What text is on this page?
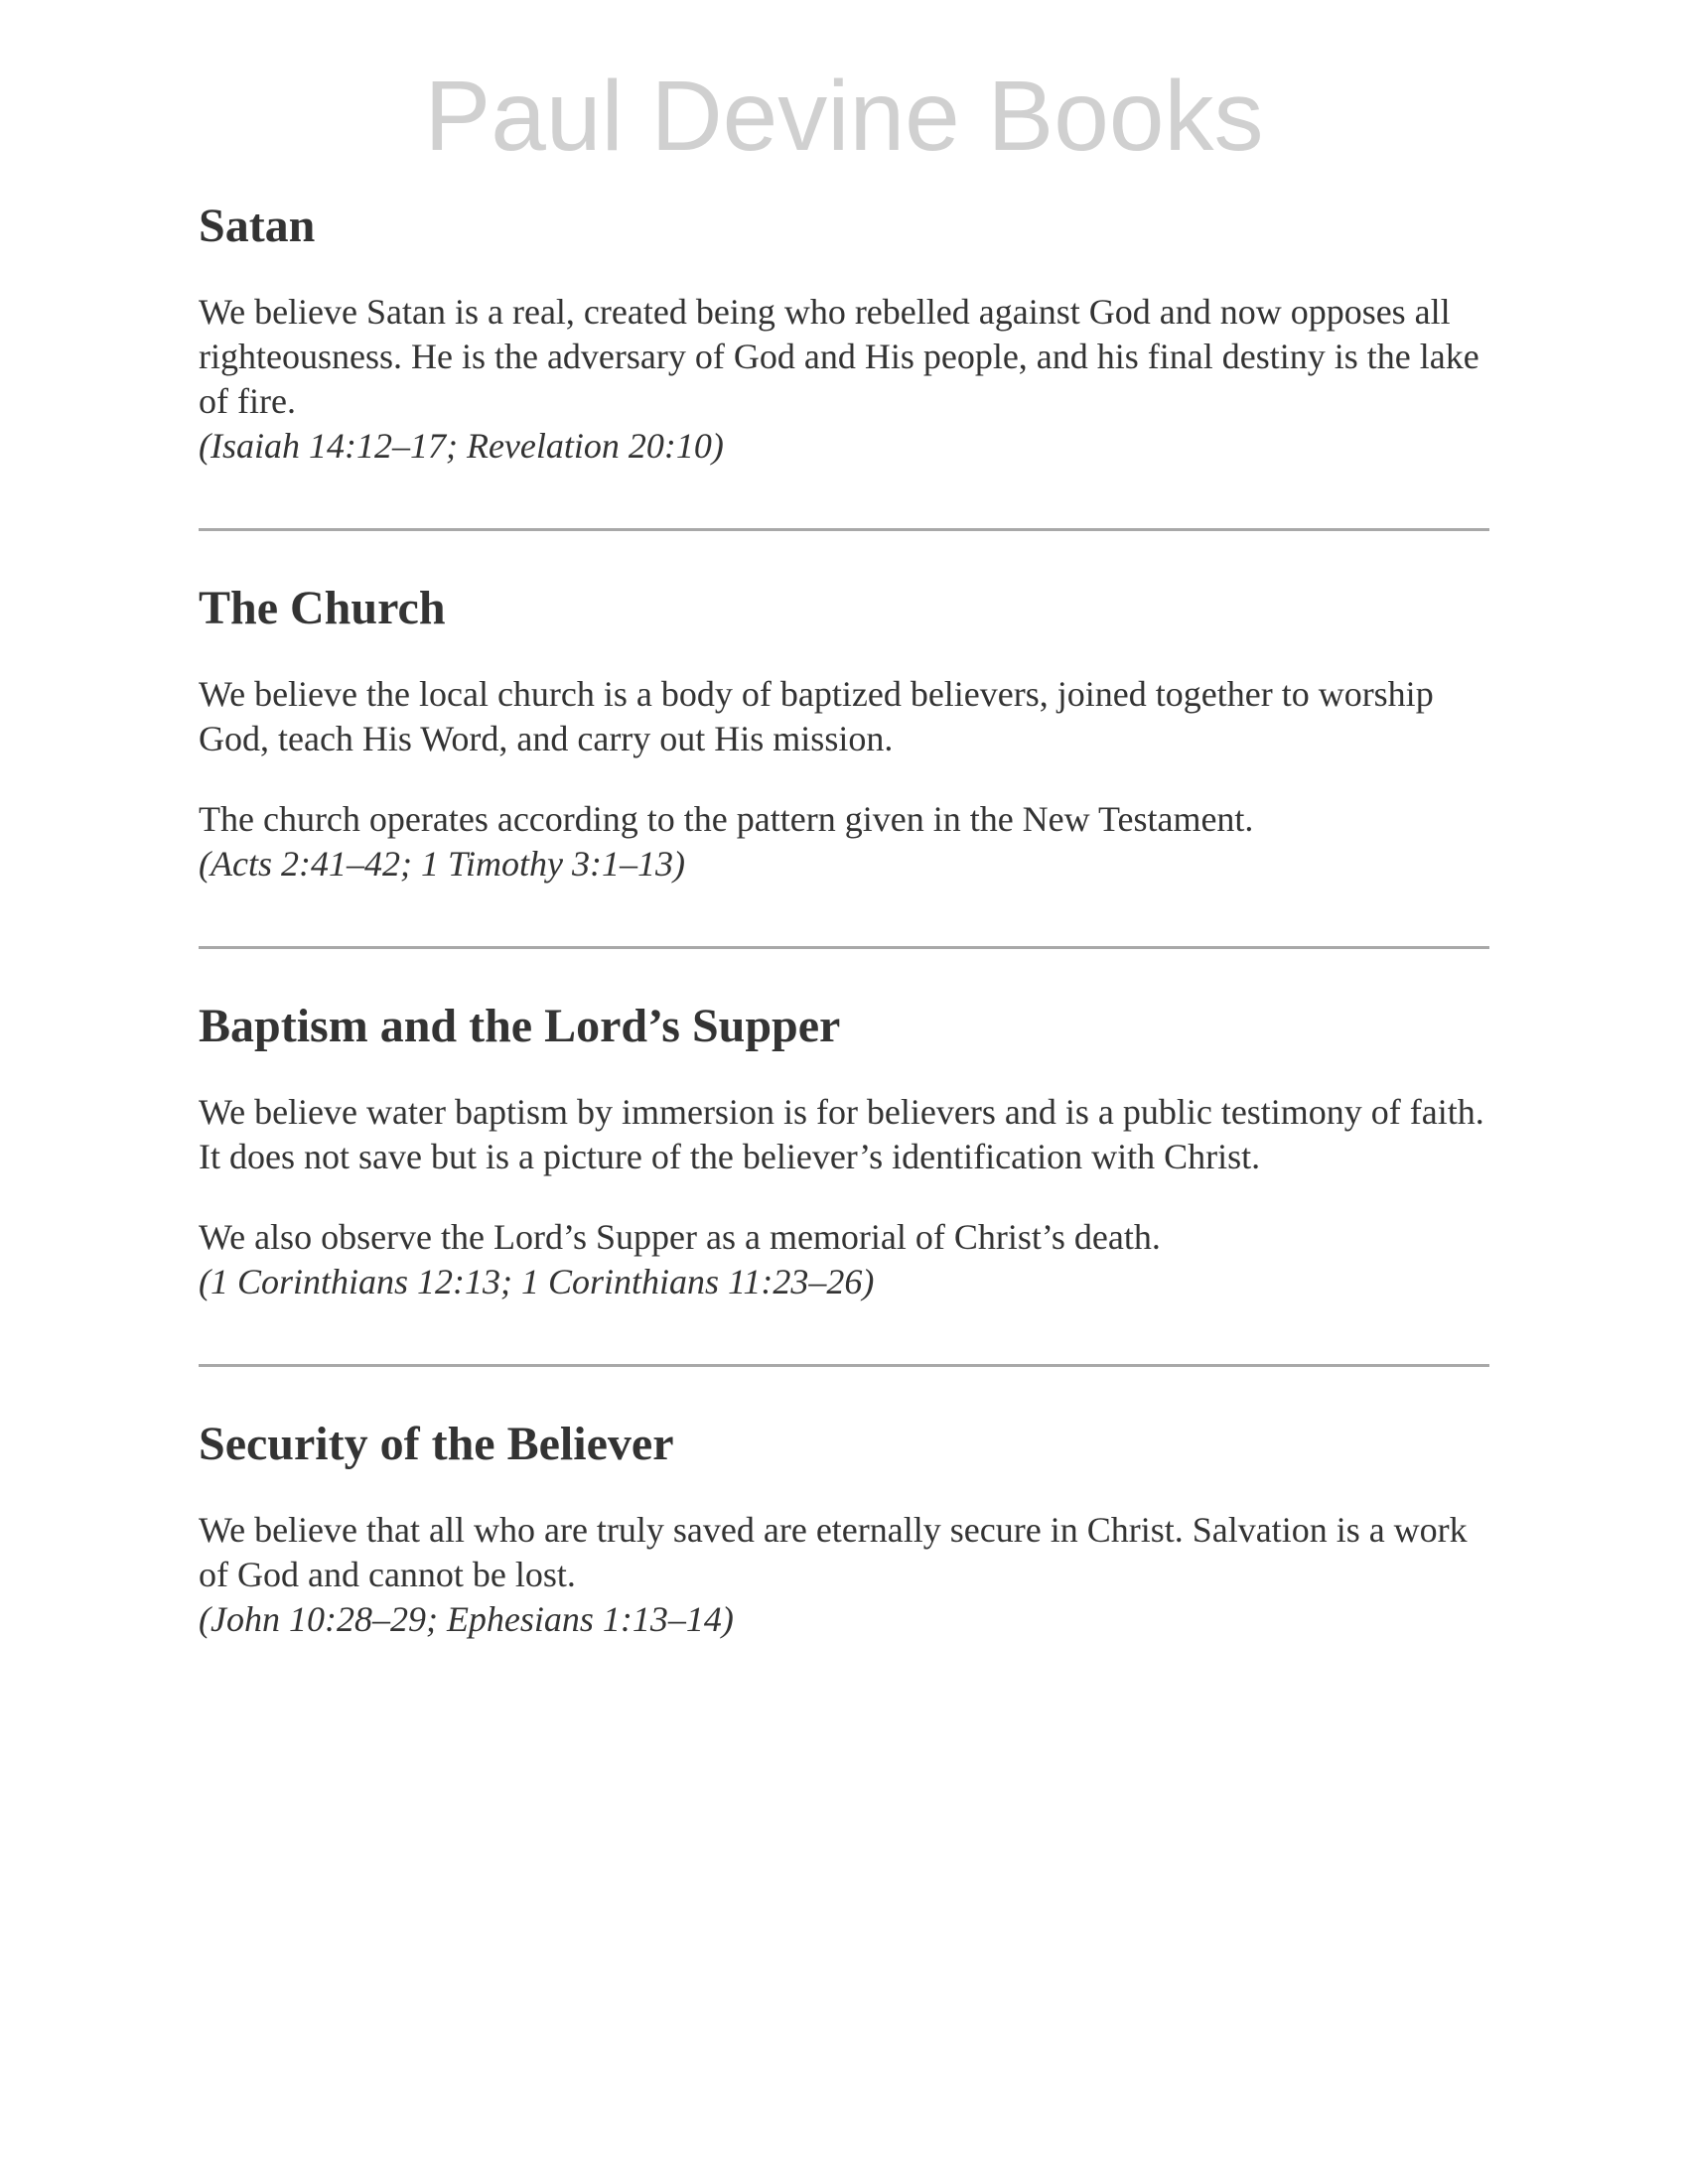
Paul Devine Books
Satan

We believe Satan is a real, created being who rebelled against God and now opposes all righteousness. He is the adversary of God and His people, and his final destiny is the lake of fire.

(Isaiah 14:12–17; Revelation 20:10)

The Church

We believe the local church is a body of baptized believers, joined together to worship God, teach His Word, and carry out His mission.

The church operates according to the pattern given in the New Testament.

(Acts 2:41–42; 1 Timothy 3:1–13)

Baptism and the Lord’s Supper

We believe water baptism by immersion is for believers and is a public testimony of faith. It does not save but is a picture of the believer’s identification with Christ.

We also observe the Lord’s Supper as a memorial of Christ’s death.

(1 Corinthians 12:13; 1 Corinthians 11:23–26)

Security of the Believer

We believe that all who are truly saved are eternally secure in Christ. Salvation is a work of God and cannot be lost.

(John 10:28–29; Ephesians 1:13–14)
